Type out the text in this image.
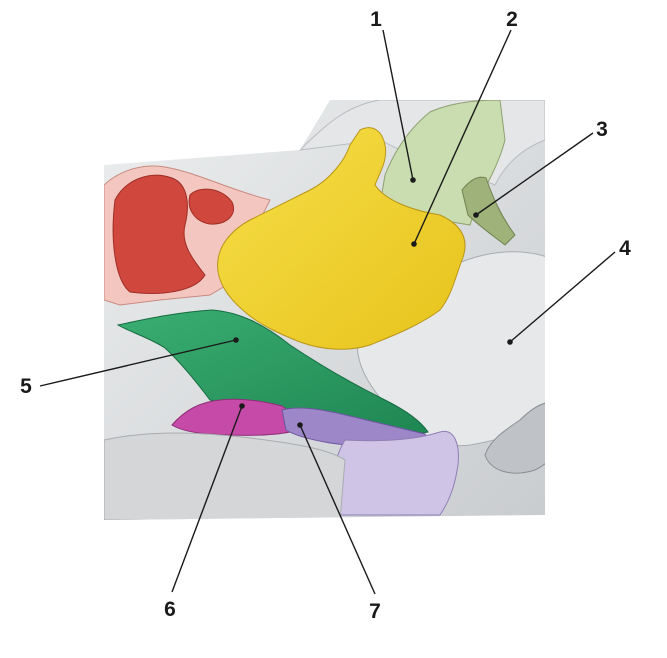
1	2
3
4
5
6	7
